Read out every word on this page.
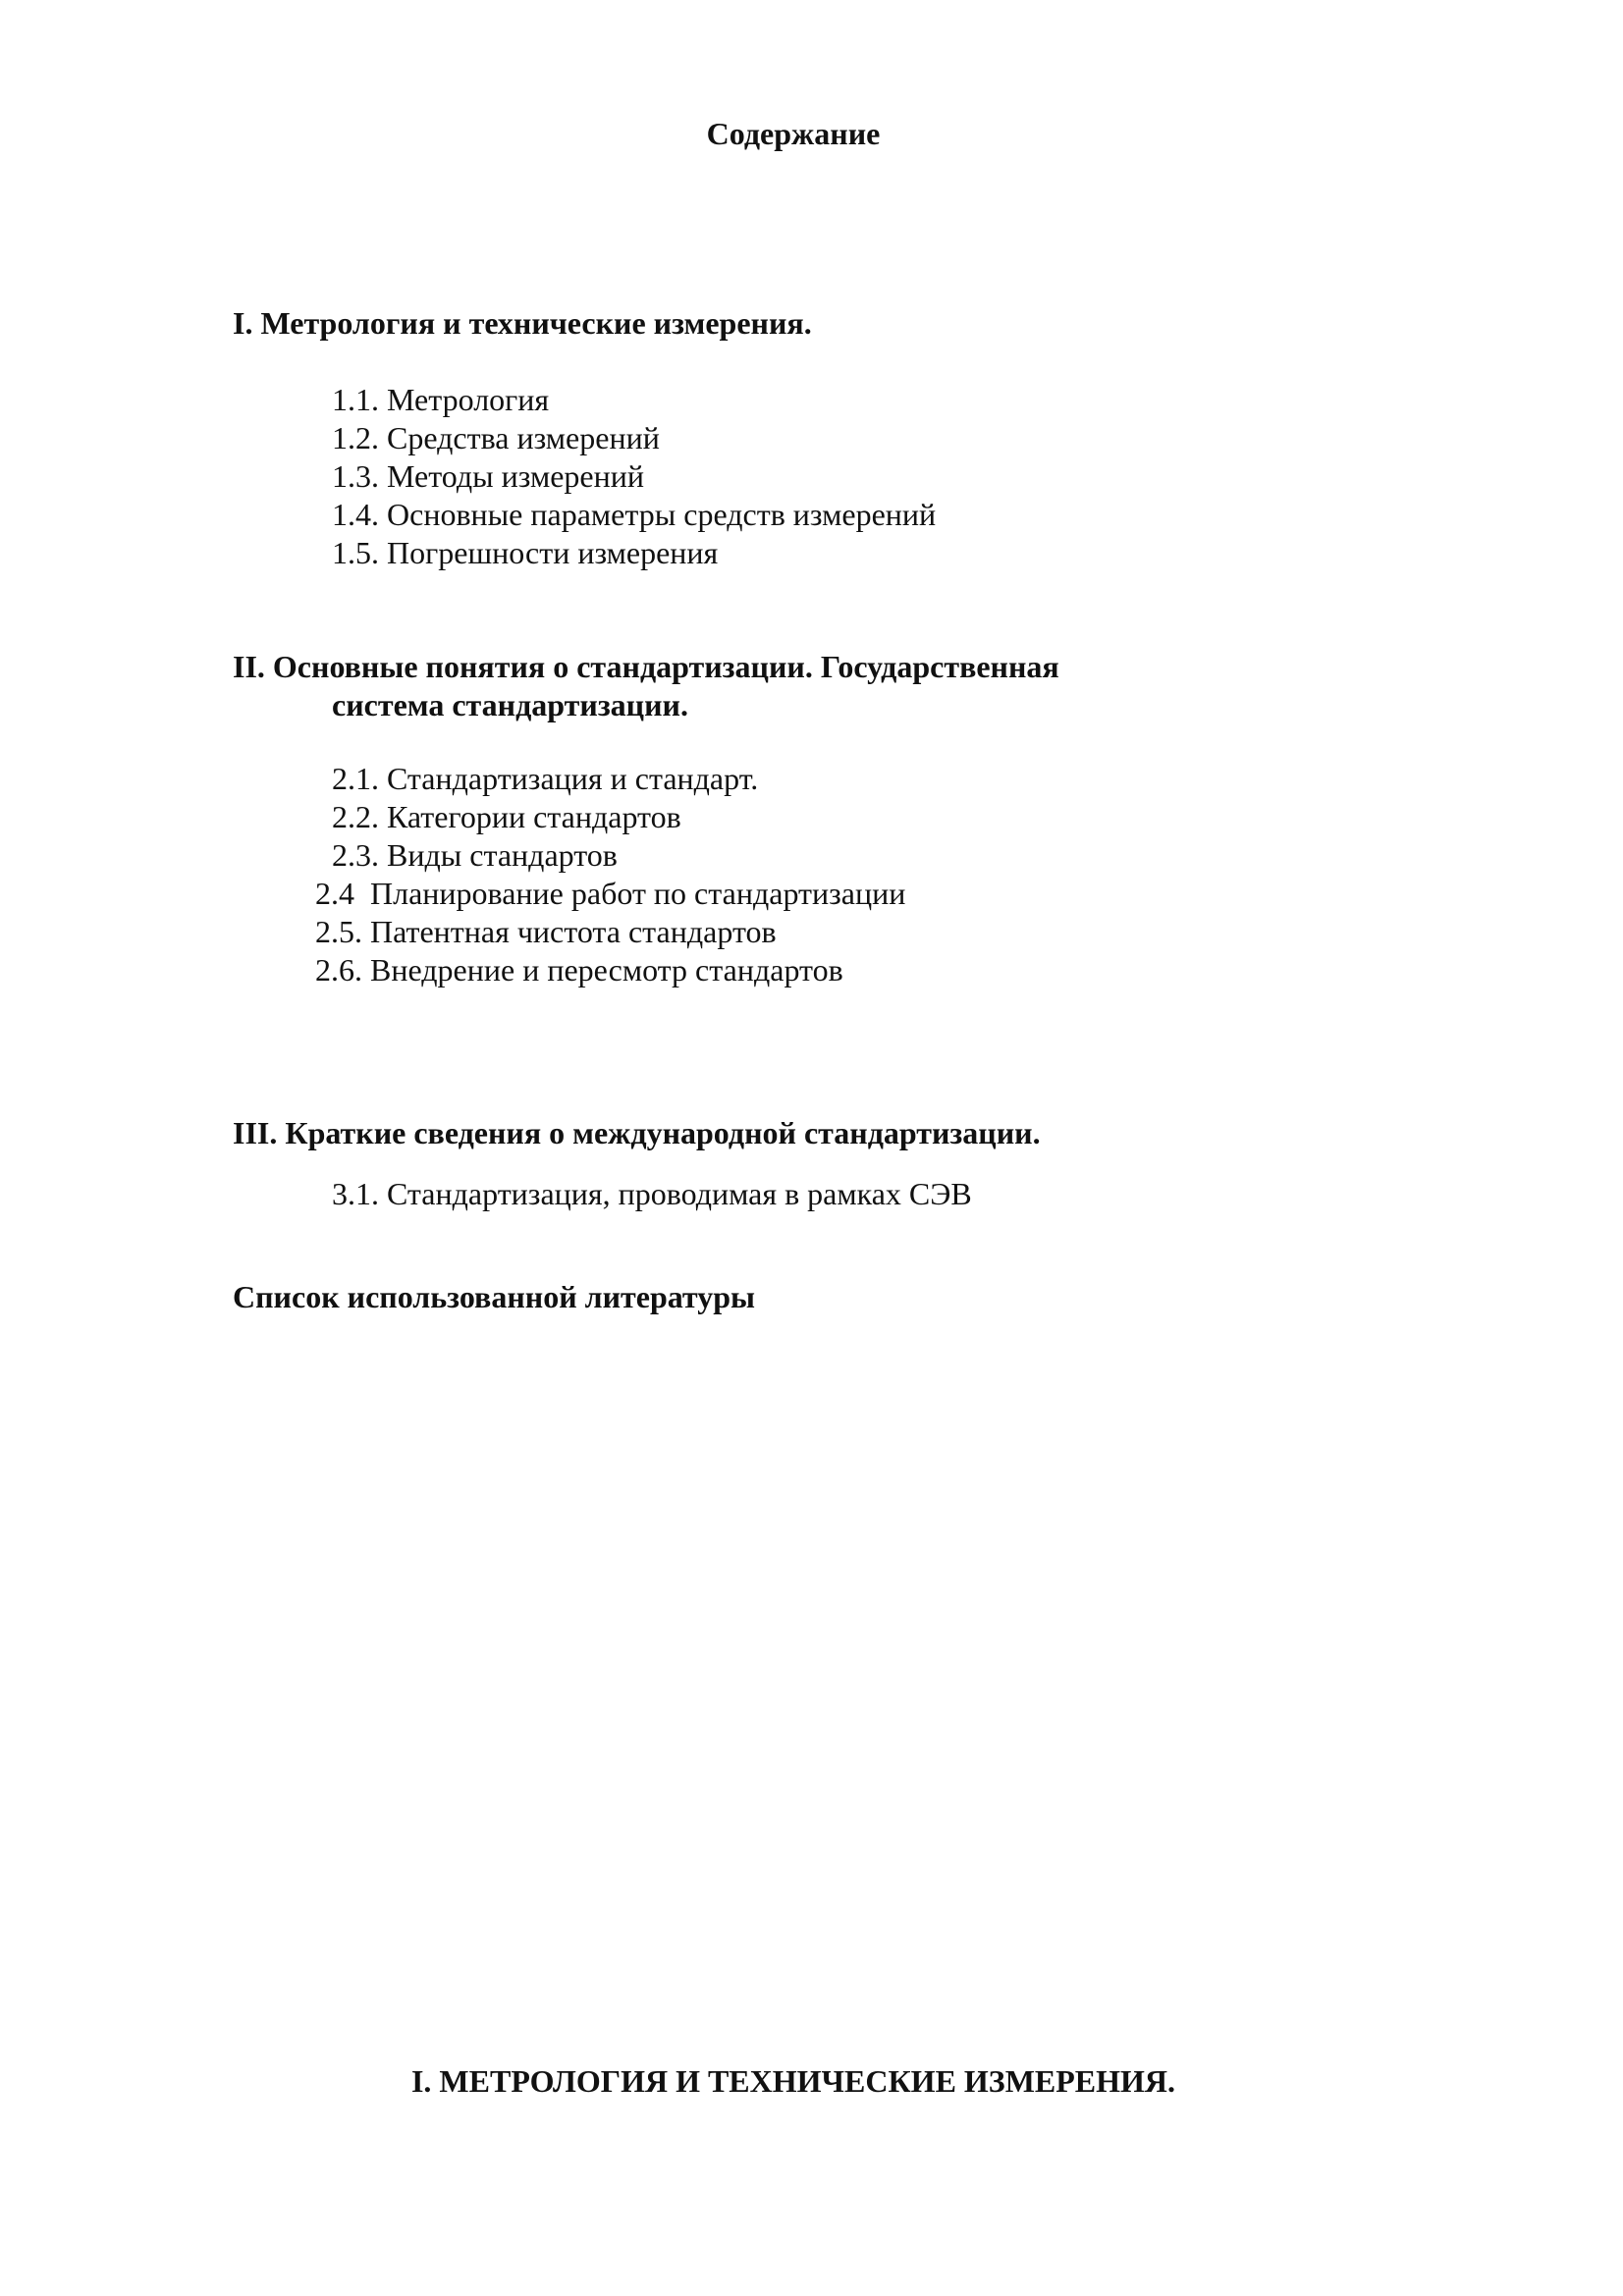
Содержание
I. Метрология и технические измерения.
1.1. Метрология
1.2. Средства измерений
1.3. Методы измерений
1.4. Основные параметры средств измерений
1.5. Погрешности измерения
II. Основные понятия о стандартизации. Государственная
система стандартизации.
2.1. Стандартизация и стандарт.
2.2. Категории стандартов
2.3. Виды стандартов
2.4  Планирование работ по стандартизации
2.5. Патентная чистота стандартов
2.6. Внедрение и пересмотр стандартов
III. Краткие сведения о международной стандартизации.
3.1. Стандартизация, проводимая в рамках СЭВ
Список использованной литературы
I. МЕТРОЛОГИЯ И ТЕХНИЧЕСКИЕ ИЗМЕРЕНИЯ.
